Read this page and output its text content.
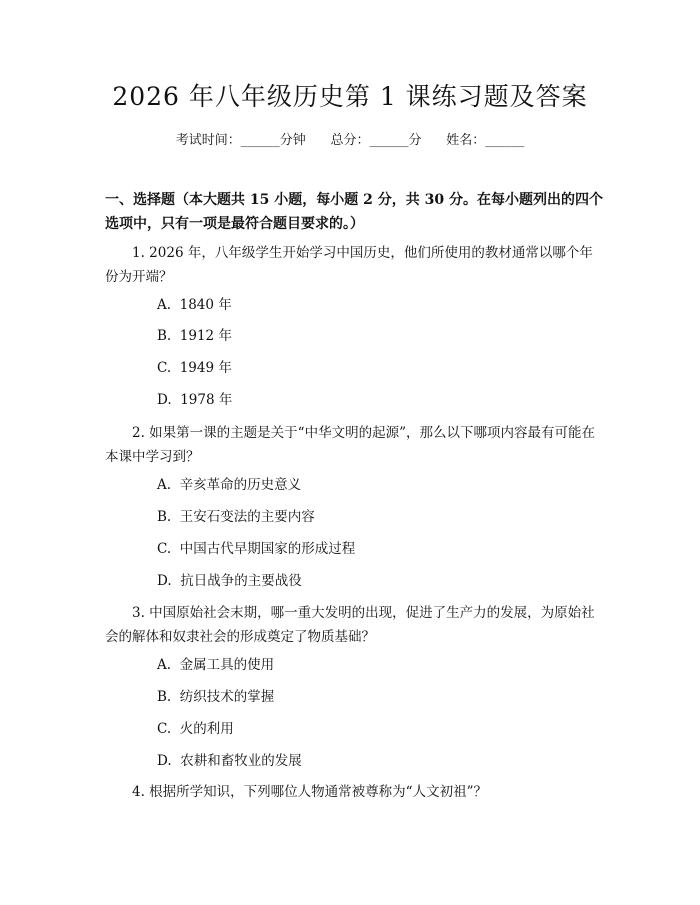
2026 年八年级历史第 1 课练习题及答案
考试时间：______分钟      总分：______分      姓名：______
一、选择题（本大题共 15 小题，每小题 2 分，共 30 分。在每小题列出的四个选项中，只有一项是最符合题目要求的。）
1. 2026 年，八年级学生开始学习中国历史，他们所使用的教材通常以哪个年份为开端？
A.  1840 年
B.  1912 年
C.  1949 年
D.  1978 年
2. 如果第一课的主题是关于“中华文明的起源”，那么以下哪项内容最有可能在本课中学习到？
A.  辛亥革命的历史意义
B.  王安石变法的主要内容
C.  中国古代早期国家的形成过程
D.  抗日战争的主要战役
3. 中国原始社会末期，哪一重大发明的出现，促进了生产力的发展，为原始社会的解体和奴隶社会的形成奠定了物质基础？
A.  金属工具的使用
B.  纺织技术的掌握
C.  火的利用
D.  农耕和畜牧业的发展
4. 根据所学知识，下列哪位人物通常被尊称为“人文初祖”？
